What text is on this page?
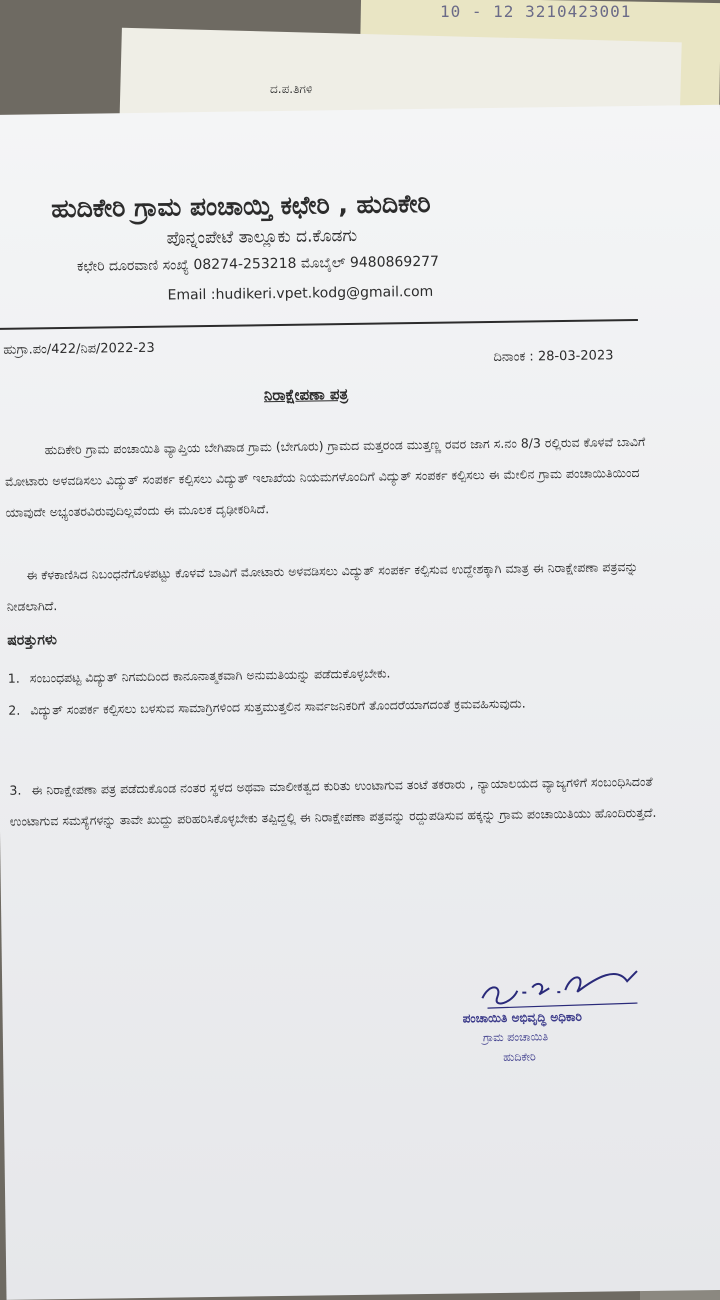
10 - 12 3210423001
ದ.ಪ.ತಿಗಳಿ
ಹುದಿಕೇರಿ ಗ್ರಾಮ ಪಂಚಾಯ್ತಿ ಕಛೇರಿ , ಹುದಿಕೇರಿ
ಪೊನ್ನಂಪೇಟೆ ತಾಲ್ಲೂಕು ದ.ಕೊಡಗು
ಕಛೇರಿ ದೂರವಾಣಿ ಸಂಖ್ಯೆ 08274-253218 ಮೊಬೈಲ್ 9480869277
Email :hudikeri.vpet.kodg@gmail.com
ಹುಗ್ರಾ.ಪಂ/422/ನಿಪ/2022-23	ದಿನಾಂಕ : 28-03-2023
ನಿರಾಕ್ಷೇಪಣಾ ಪತ್ರ
ಹುದಿಕೇರಿ ಗ್ರಾಮ ಪಂಚಾಯಿತಿ ವ್ಯಾಪ್ತಿಯ ಬೇಗಿಪಾಡ ಗ್ರಾಮ (ಬೇಗೂರು) ಗ್ರಾಮದ ಮತ್ತರಂಡ ಮುತ್ತಣ್ಣ ರವರ ಜಾಗ ಸ.ನಂ 8/3 ರಲ್ಲಿರುವ ಕೊಳವೆ ಬಾವಿಗೆ ಮೋಟಾರು ಅಳವಡಿಸಲು ವಿದ್ಯುತ್ ಸಂಪರ್ಕ ಕಲ್ಪಿಸಲು ವಿದ್ಯುತ್ ಇಲಾಖೆಯ ನಿಯಮಗಳೊಂದಿಗೆ ವಿದ್ಯುತ್ ಸಂಪರ್ಕ ಕಲ್ಪಿಸಲು ಈ ಮೇಲಿನ ಗ್ರಾಮ ಪಂಚಾಯಿತಿಯಿಂದ ಯಾವುದೇ ಅಭ್ಯಂತರವಿರುವುದಿಲ್ಲವೆಂದು ಈ ಮೂಲಕ ದೃಢೀಕರಿಸಿದೆ.
ಈ ಕೆಳಕಾಣಿಸಿದ ನಿಬಂಧನೆಗೊಳಪಟ್ಟು ಕೊಳವೆ ಬಾವಿಗೆ ಮೋಟಾರು ಅಳವಡಿಸಲು ವಿದ್ಯುತ್ ಸಂಪರ್ಕ ಕಲ್ಪಿಸುವ ಉದ್ದೇಶಕ್ಕಾಗಿ ಮಾತ್ರ ಈ ನಿರಾಕ್ಷೇಪಣಾ ಪತ್ರವನ್ನು ನೀಡಲಾಗಿದೆ.
ಷರತ್ತುಗಳು
1. ಸಂಬಂಧಪಟ್ಟ ವಿದ್ಯುತ್ ನಿಗಮದಿಂದ ಕಾನೂನಾತ್ಮಕವಾಗಿ ಅನುಮತಿಯನ್ನು ಪಡೆದುಕೊಳ್ಳಬೇಕು.
2. ವಿದ್ಯುತ್ ಸಂಪರ್ಕ ಕಲ್ಪಿಸಲು ಬಳಸುವ ಸಾಮಾಗ್ರಿಗಳಿಂದ ಸುತ್ತಮುತ್ತಲಿನ ಸಾರ್ವಜನಿಕರಿಗೆ ತೊಂದರೆಯಾಗದಂತೆ ಕ್ರಮವಹಿಸುವುದು.
3. ಈ ನಿರಾಕ್ಷೇಪಣಾ ಪತ್ರ ಪಡೆದುಕೊಂಡ ನಂತರ ಸ್ಥಳದ ಅಥವಾ ಮಾಲೀಕತ್ವದ ಕುರಿತು ಉಂಟಾಗುವ ತಂಟೆ ತಕರಾರು , ನ್ಯಾಯಾಲಯದ ವ್ಯಾಜ್ಯಗಳಿಗೆ ಸಂಬಂಧಿಸಿದಂತೆ ಉಂಟಾಗುವ ಸಮಸ್ಯೆಗಳನ್ನು ತಾವೇ ಖುದ್ದು ಪರಿಹರಿಸಿಕೊಳ್ಳಬೇಕು ತಪ್ಪಿದ್ದಲ್ಲಿ ಈ ನಿರಾಕ್ಷೇಪಣಾ ಪತ್ರವನ್ನು ರದ್ದುಪಡಿಸುವ ಹಕ್ಕನ್ನು ಗ್ರಾಮ ಪಂಚಾಯಿತಿಯು ಹೊಂದಿರುತ್ತದೆ.
ಪಂಚಾಯಿತಿ ಅಭಿವೃದ್ಧಿ ಅಧಿಕಾರಿ
ಗ್ರಾಮ ಪಂಚಾಯಿತಿ
ಹುದಿಕೇರಿ
